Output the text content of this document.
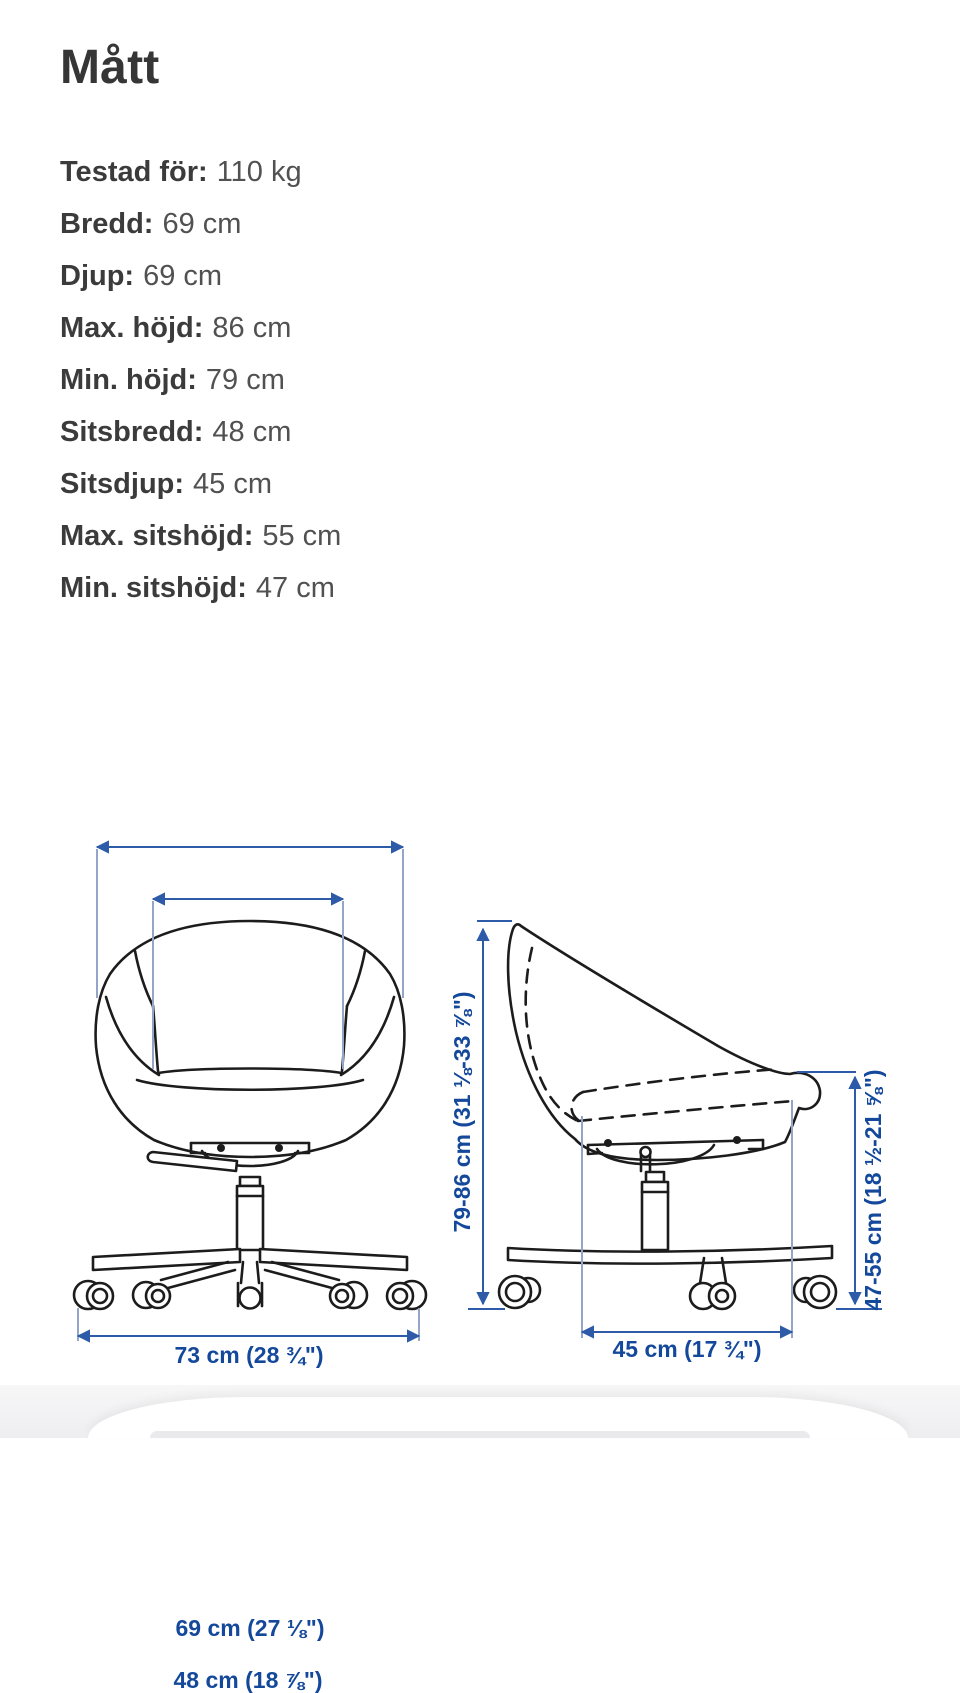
Mått
Testad för: 110 kg
Bredd: 69 cm
Djup: 69 cm
Max. höjd: 86 cm
Min. höjd: 79 cm
Sitsbredd: 48 cm
Sitsdjup: 45 cm
Max. sitshöjd: 55 cm
Min. sitshöjd: 47 cm
69 cm (27 ⅛")
48 cm (18 ⅞")
73 cm (28 ¾")
79-86 cm (31 ⅛-33 ⅞")	47-55 cm (18 ½-21 ⅝")
45 cm (17 ¾")
